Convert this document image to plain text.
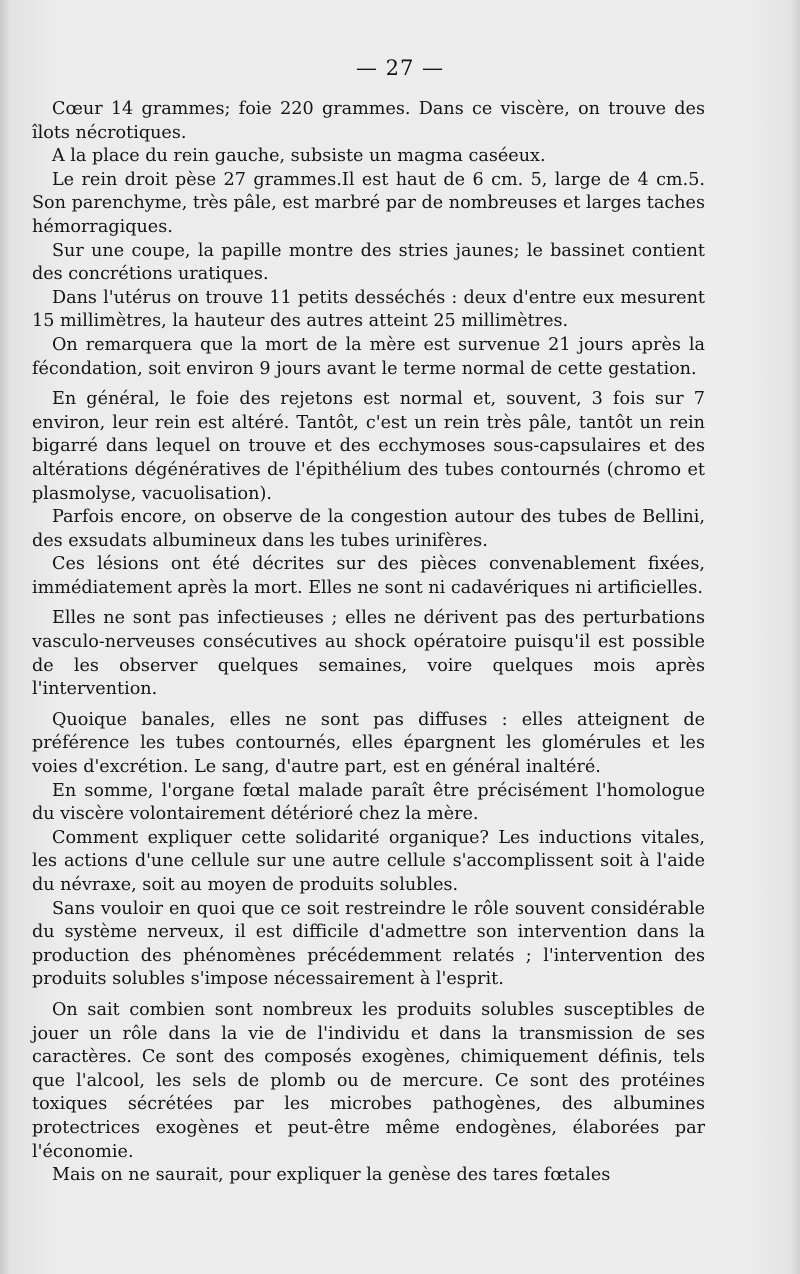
— 27 —

Cœur 14 grammes; foie 220 grammes. Dans ce viscère, on trouve des îlots nécrotiques.

A la place du rein gauche, subsiste un magma caséeux.

Le rein droit pèse 27 grammes.Il est haut de 6 cm. 5, large de 4 cm.5. Son parenchyme, très pâle, est marbré par de nombreuses et larges taches hémorragiques.

Sur une coupe, la papille montre des stries jaunes; le bassinet contient des concrétions uratiques.

Dans l'utérus on trouve 11 petits desséchés : deux d'entre eux mesurent 15 millimètres, la hauteur des autres atteint 25 millimètres.

On remarquera que la mort de la mère est survenue 21 jours après la fécondation, soit environ 9 jours avant le terme normal de cette gestation.

En général, le foie des rejetons est normal et, souvent, 3 fois sur 7 environ, leur rein est altéré. Tantôt, c'est un rein très pâle, tantôt un rein bigarré dans lequel on trouve et des ecchymoses sous-capsulaires et des altérations dégénératives de l'épithélium des tubes contournés (chromo et plasmolyse, vacuolisation).

Parfois encore, on observe de la congestion autour des tubes de Bellini, des exsudats albumineux dans les tubes urinifères.

Ces lésions ont été décrites sur des pièces convenablement fixées, immédiatement après la mort. Elles ne sont ni cadavériques ni artificielles.

Elles ne sont pas infectieuses ; elles ne dérivent pas des perturbations vasculo-nerveuses consécutives au shock opératoire puisqu'il est possible de les observer quelques semaines, voire quelques mois après l'intervention.

Quoique banales, elles ne sont pas diffuses : elles atteignent de préférence les tubes contournés, elles épargnent les glomérules et les voies d'excrétion. Le sang, d'autre part, est en général inaltéré.

En somme, l'organe fœtal malade paraît être précisément l'homologue du viscère volontairement détérioré chez la mère.

Comment expliquer cette solidarité organique? Les inductions vitales, les actions d'une cellule sur une autre cellule s'accomplissent soit à l'aide du névraxe, soit au moyen de produits solubles.

Sans vouloir en quoi que ce soit restreindre le rôle souvent considérable du système nerveux, il est difficile d'admettre son intervention dans la production des phénomènes précédemment relatés ; l'intervention des produits solubles s'impose nécessairement à l'esprit.

On sait combien sont nombreux les produits solubles susceptibles de jouer un rôle dans la vie de l'individu et dans la transmission de ses caractères. Ce sont des composés exogènes, chimiquement définis, tels que l'alcool, les sels de plomb ou de mercure. Ce sont des protéines toxiques sécrétées par les microbes pathogènes, des albumines protectrices exogènes et peut-être même endogènes, élaborées par l'économie.

Mais on ne saurait, pour expliquer la genèse des tares fœtales
